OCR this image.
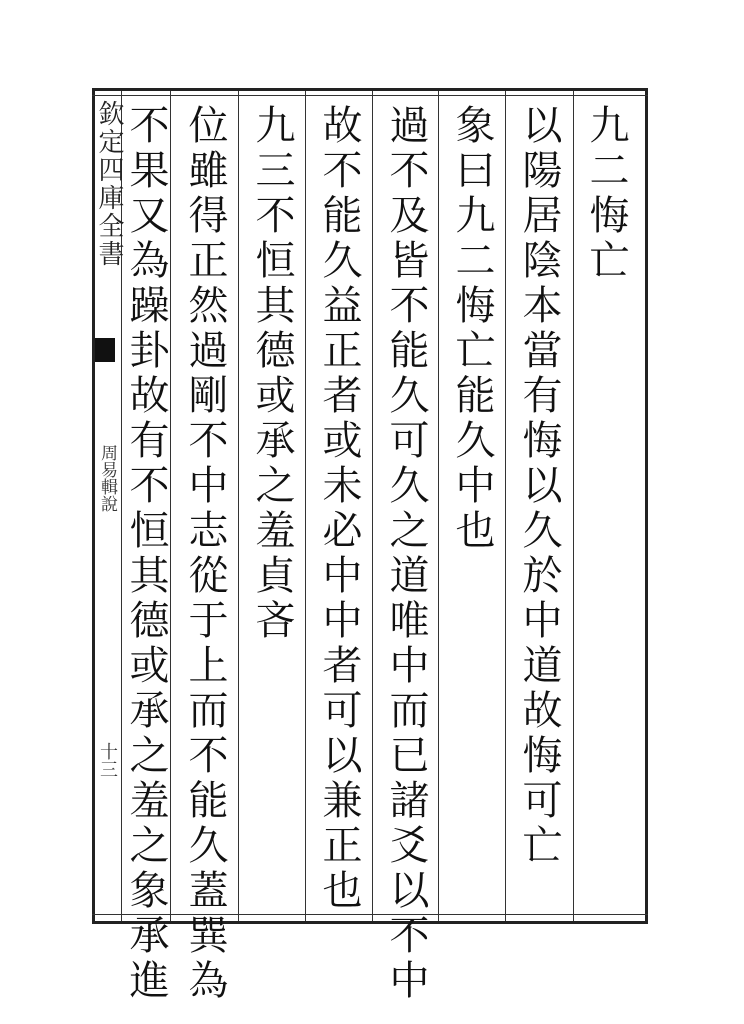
欽定四庫全書
周易輯說
十三
九二悔亡
以陽居陰本當有悔以久於中道故悔可亡
象曰九二悔亡能久中也
過不及皆不能久可久之道唯中而已諸爻以不中
故不能久益正者或未必中中者可以兼正也
九三不恒其德或承之羞貞吝
位雖得正然過剛不中志從于上而不能久蓋巽為
不果又為躁卦故有不恒其德或承之羞之象承進
